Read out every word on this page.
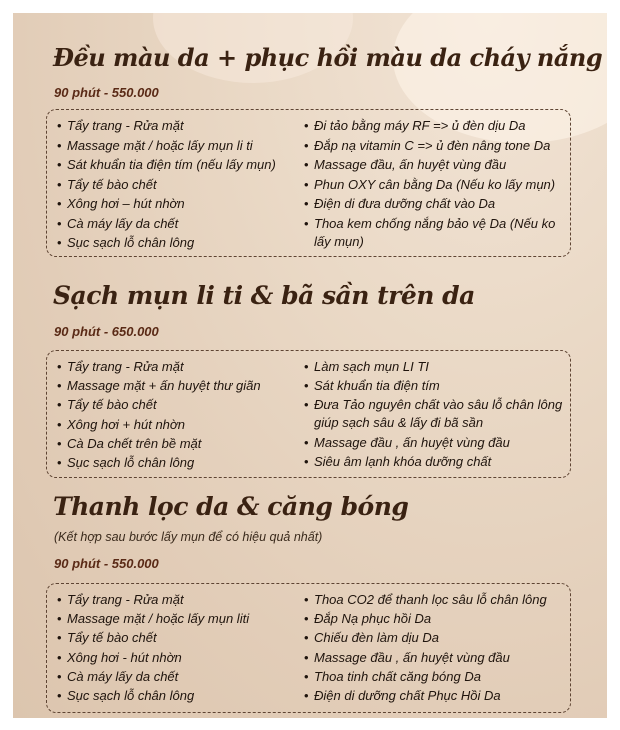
Đều màu da + phục hồi màu da cháy nắng

90 phút - 550.000

• Tẩy trang - Rửa mặt
• Massage mặt / hoặc lấy mụn li ti
• Sát khuẩn tia điện tím (nếu lấy mụn)
• Tẩy tế bào chết
• Xông hơi – hút nhờn
• Cà máy lấy da chết
• Sục sạch lỗ chân lông
• Đi tảo bằng máy RF => ủ đèn dịu Da
• Đắp nạ vitamin C => ủ đèn nâng tone Da
• Massage đầu, ấn huyệt vùng đầu
• Phun OXY cân bằng Da (Nếu ko lấy mụn)
• Điện di đưa dưỡng chất vào Da
• Thoa kem chống nắng bảo vệ Da (Nếu ko lấy mụn)
Sạch mụn li ti & bã sần trên da

90 phút - 650.000

• Tẩy trang - Rửa mặt
• Massage mặt + ấn huyệt thư giãn
• Tẩy tế bào chết
• Xông hơi + hút nhờn
• Cà Da chết trên bề mặt
• Sục sạch lỗ chân lông
• Làm sạch mụn LI TI
• Sát khuẩn tia điện tím
• Đưa Tảo nguyên chất vào sâu lỗ chân lông giúp sạch sâu & lấy đi bã sần
• Massage đầu , ấn huyệt vùng đầu
• Siêu âm lạnh khóa dưỡng chất
Thanh lọc da & căng bóng

(Kết hợp sau bước lấy mụn để có hiệu quả nhất)

90 phút - 550.000

• Tẩy trang - Rửa mặt
• Massage mặt / hoặc lấy mụn liti
• Tẩy tế bào chết
• Xông hơi - hút nhờn
• Cà máy lấy da chết
• Sục sạch lỗ chân lông
• Thoa CO2 để thanh lọc sâu lỗ chân lông
• Đắp Nạ phục hồi Da
• Chiếu đèn làm dịu Da
• Massage đầu , ấn huyệt vùng đầu
• Thoa tinh chất căng bóng Da
• Điện di dưỡng chất Phục Hồi Da
